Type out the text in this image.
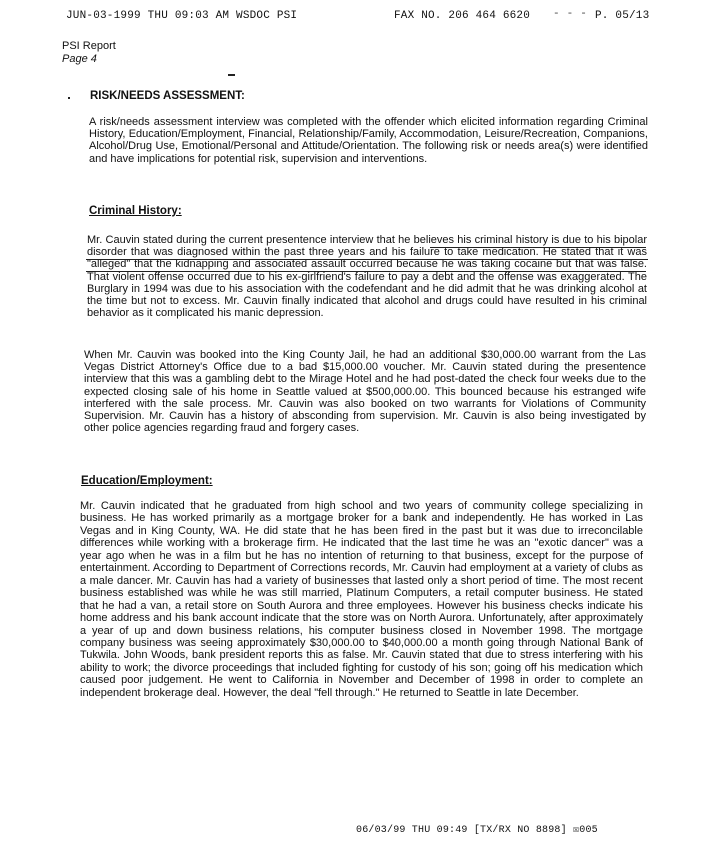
JUN-03-1999 THU 09:03 AM WSDOC PSI	FAX NO. 206 464 6620	P. 05/13
- - -
PSI Report
Page 4
RISK/NEEDS ASSESSMENT:
A risk/needs assessment interview was completed with the offender which elicited information regarding Criminal History, Education/Employment, Financial, Relationship/Family, Accommodation, Leisure/Recreation, Companions, Alcohol/Drug Use, Emotional/Personal and Attitude/Orientation. The following risk or needs area(s) were identified and have implications for potential risk, supervision and interventions.
Criminal History:
Mr. Cauvin stated during the current presentence interview that he believes his criminal history is due to his bipolar disorder that was diagnosed within the past three years and his failure to take medication. He stated that it was "alleged" that the kidnapping and associated assault occurred because he was taking cocaine but that was false. That violent offense occurred due to his ex-girlfriend's failure to pay a debt and the offense was exaggerated. The Burglary in 1994 was due to his association with the codefendant and he did admit that he was drinking alcohol at the time but not to excess. Mr. Cauvin finally indicated that alcohol and drugs could have resulted in his criminal behavior as it complicated his manic depression.
When Mr. Cauvin was booked into the King County Jail, he had an additional $30,000.00 warrant from the Las Vegas District Attorney's Office due to a bad $15,000.00 voucher. Mr. Cauvin stated during the presentence interview that this was a gambling debt to the Mirage Hotel and he had post-dated the check four weeks due to the expected closing sale of his home in Seattle valued at $500,000.00. This bounced because his estranged wife interfered with the sale process. Mr. Cauvin was also booked on two warrants for Violations of Community Supervision. Mr. Cauvin has a history of absconding from supervision. Mr. Cauvin is also being investigated by other police agencies regarding fraud and forgery cases.
Education/Employment:
Mr. Cauvin indicated that he graduated from high school and two years of community college specializing in business. He has worked primarily as a mortgage broker for a bank and independently. He has worked in Las Vegas and in King County, WA. He did state that he has been fired in the past but it was due to irreconcilable differences while working with a brokerage firm. He indicated that the last time he was an "exotic dancer" was a year ago when he was in a film but he has no intention of returning to that business, except for the purpose of entertainment. According to Department of Corrections records, Mr. Cauvin had employment at a variety of clubs as a male dancer. Mr. Cauvin has had a variety of businesses that lasted only a short period of time. The most recent business established was while he was still married, Platinum Computers, a retail computer business. He stated that he had a van, a retail store on South Aurora and three employees. However his business checks indicate his home address and his bank account indicate that the store was on North Aurora. Unfortunately, after approximately a year of up and down business relations, his computer business closed in November 1998. The mortgage company business was seeing approximately $30,000.00 to $40,000.00 a month going through National Bank of Tukwila. John Woods, bank president reports this as false. Mr. Cauvin stated that due to stress interfering with his ability to work; the divorce proceedings that included fighting for custody of his son; going off his medication which caused poor judgement. He went to California in November and December of 1998 in order to complete an independent brokerage deal. However, the deal "fell through." He returned to Seattle in late December.
06/03/99 THU 09:49 [TX/RX NO 8898] ☒005
